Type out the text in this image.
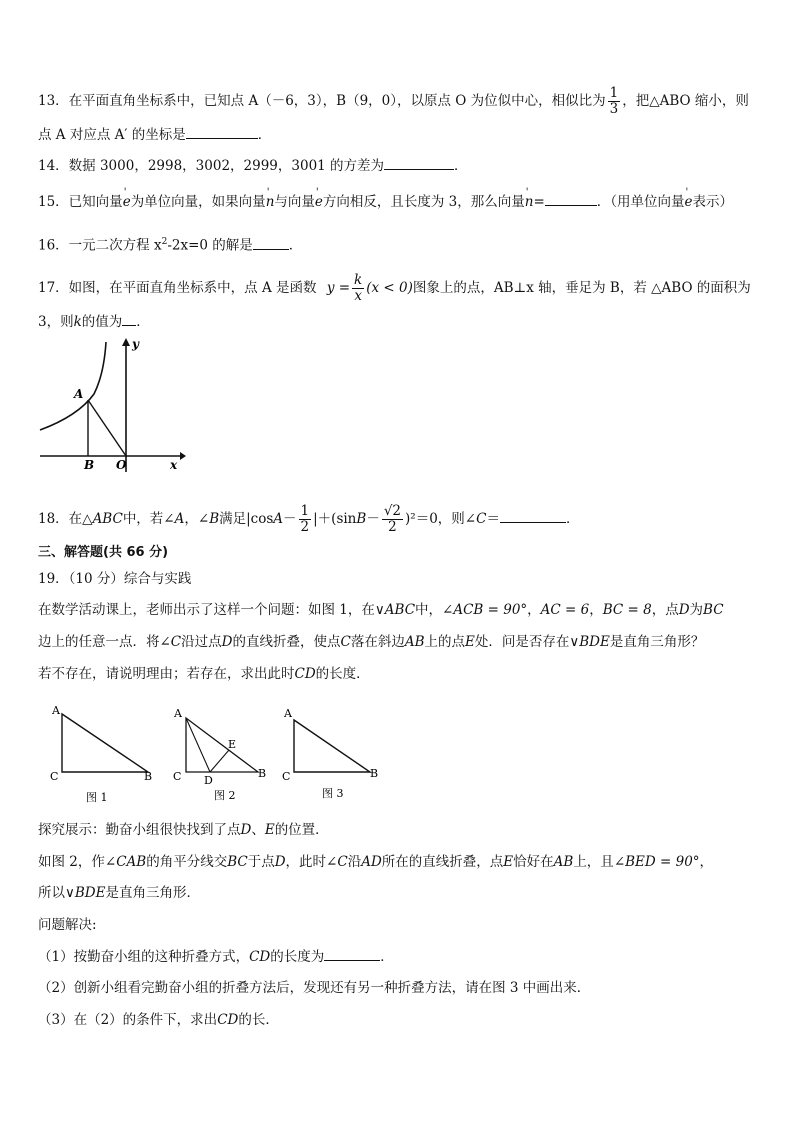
13．在平面直角坐标系中，已知点 A（－6，3），B（9，0），以原点 O 为位似中心，相似比为 $\frac{1}{3}$ ，把△ABO 缩小，则
点 A 对应点 A′ 的坐标是	．
14．数据 3000，2998，3002，2999，3001 的方差为	．
15．已知向量' e为单位向量，如果向量' n与向量' e方向相反，且长度为 3，那么向量' n=	．（用单位向量' e表示）
16．一元二次方程 $x^2-2x=0$ 的解是	．
17．如图，在平面直角坐标系中，点 A 是函数 $y = \frac{k}{x} (x < 0)$图象上的点，AB⊥x 轴，垂足为 B，若 △ABO 的面积为
3，则k的值为 ．
A
B O	x
y
18．在△ABC中，若∠A，∠B满足$|\cos A- \frac{1}{2} |+(\sin B- \frac{√2}{2} )^2=0$，则∠C＝	．
三、解答题(共 66 分)
19．（10 分）综合与实践
在数学活动课上，老师出示了这样一个问题：如图 1，在∨ABC中，∠ACB = 90°，AC = 6，BC = 8，点D为BC
边上的任意一点．将∠C沿过点D的直线折叠，使点C落在斜边AB上的点E处．问是否存在∨BDE是直角三角形？
若不存在，请说明理由；若存在，求出此时CD的长度．
A
C	B
图 1
A
C D
E
B
图 2
A
C	B
图 3
探究展示：勤奋小组很快找到了点D、E的位置．
如图 2，作∠CAB的角平分线交BC于点D，此时∠C沿AD所在的直线折叠，点E恰好在AB上，且∠BED = 90°，
所以∨BDE是直角三角形．
问题解决:
（1）按勤奋小组的这种折叠方式，CD的长度为	．
（2）创新小组看完勤奋小组的折叠方法后，发现还有另一种折叠方法，请在图 3 中画出来．
（3）在（2）的条件下，求出CD的长．
